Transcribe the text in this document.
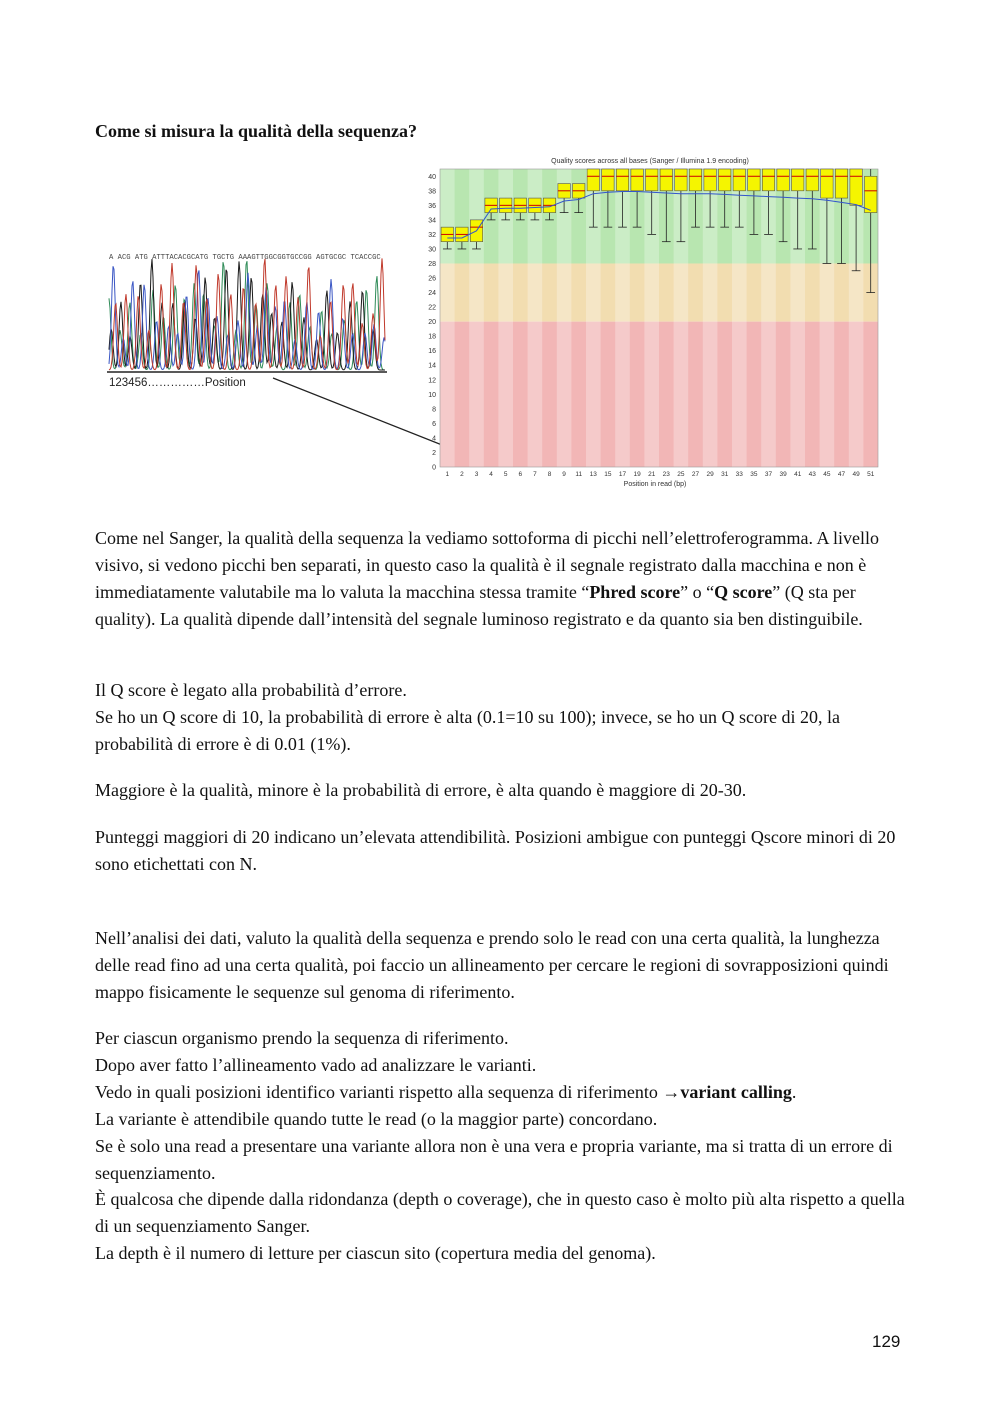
Come si misura la qualità della sequenza?
A ACG ATG ATTTACACGCATG TGCTG AAAGTTGGCGGTGCCGG AGTGCGC TCACCGC
123456……………Position
Quality scores across all bases (Sanger / Illumina 1.9 encoding)
0
2
4
6
8
10
12
14
16
18
20
22
24
26
28
30
32
34
36
38
40
1 2 3 4 5 6 7 8 9 11 13 15 17 19 21 23 25 27 29 31 33 35 37 39 41 43 45 47 49 51
Position in read (bp)

Come nel Sanger, la qualità della sequenza la vediamo sottoforma di picchi nell’elettroferogramma. A livello visivo, si vedono picchi ben separati, in questo caso la qualità è il segnale registrato dalla macchina e non è immediatamente valutabile ma lo valuta la macchina stessa tramite “Phred score” o “Q score” (Q sta per quality). La qualità dipende dall’intensità del segnale luminoso registrato e da quanto sia ben distinguibile.

Il Q score è legato alla probabilità d’errore.

Se ho un Q score di 10, la probabilità di errore è alta (0.1=10 su 100); invece, se ho un Q score di 20, la probabilità di errore è di 0.01 (1%).

Maggiore è la qualità, minore è la probabilità di errore, è alta quando è maggiore di 20-30.

Punteggi maggiori di 20 indicano un’elevata attendibilità. Posizioni ambigue con punteggi Qscore minori di 20 sono etichettati con N.

Nell’analisi dei dati, valuto la qualità della sequenza e prendo solo le read con una certa qualità, la lunghezza delle read fino ad una certa qualità, poi faccio un allineamento per cercare le regioni di sovrapposizioni quindi mappo fisicamente le sequenze sul genoma di riferimento.

Per ciascun organismo prendo la sequenza di riferimento.

Dopo aver fatto l’allineamento vado ad analizzare le varianti.

Vedo in quali posizioni identifico varianti rispetto alla sequenza di riferimento →variant calling.

La variante è attendibile quando tutte le read (o la maggior parte) concordano.

Se è solo una read a presentare una variante allora non è una vera e propria variante, ma si tratta di un errore di sequenziamento.

È qualcosa che dipende dalla ridondanza (depth o coverage), che in questo caso è molto più alta rispetto a quella di un sequenziamento Sanger.

La depth è il numero di letture per ciascun sito (copertura media del genoma).

129
